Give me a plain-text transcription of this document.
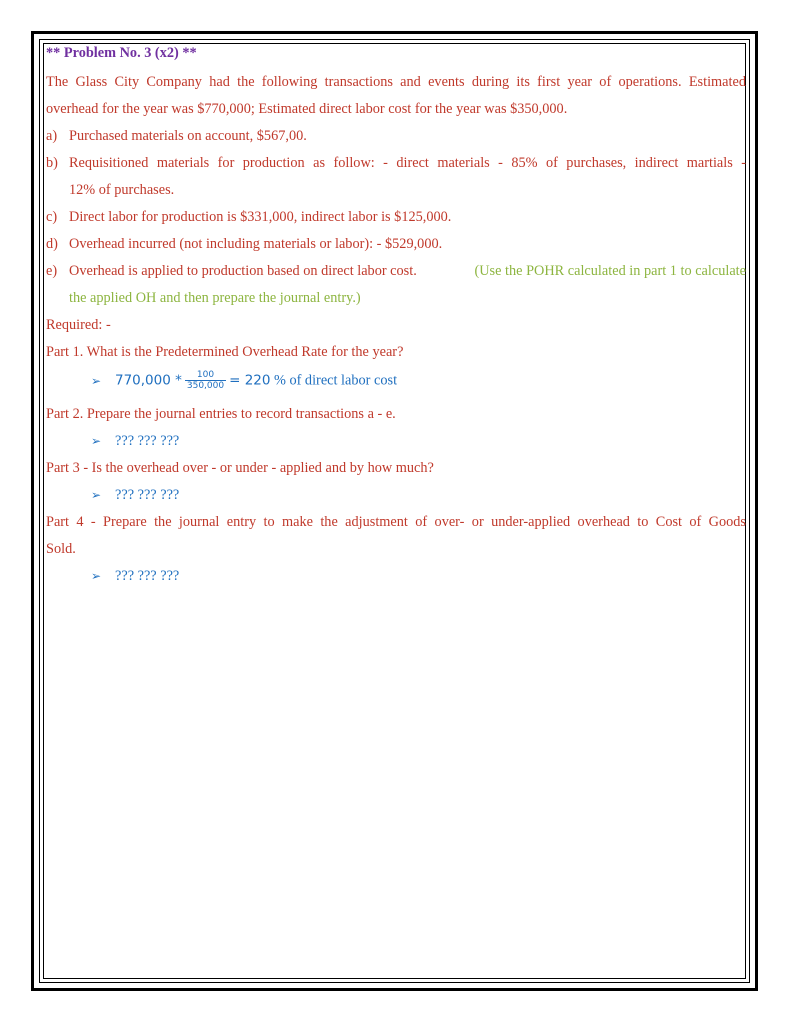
** Problem No. 3 (x2) **
The Glass City Company had the following transactions and events during its first year of operations. Estimated
overhead for the year was $770,000; Estimated direct labor cost for the year was $350,000.
a) Purchased materials on account, $567,00.
b) Requisitioned materials for production as follow: - direct materials - 85% of purchases, indirect martials -
12% of purchases.
c) Direct labor for production is $331,000, indirect labor is $125,000.
d) Overhead incurred (not including materials or labor): - $529,000.
e) Overhead is applied to production based on direct labor cost.	(Use the POHR calculated in part 1 to calculate
the applied OH and then prepare the journal entry.)
Required: -
Part 1. What is the Predetermined Overhead Rate for the year?
➢ $770,000 * \frac{100}{350,000} = 220$ % of direct labor cost
Part 2. Prepare the journal entries to record transactions a - e.
➢ ??? ??? ???
Part 3 - Is the overhead over - or under - applied and by how much?
➢ ??? ??? ???
Part 4 - Prepare the journal entry to make the adjustment of over- or under-applied overhead to Cost of Goods
Sold.
➢ ??? ??? ???
